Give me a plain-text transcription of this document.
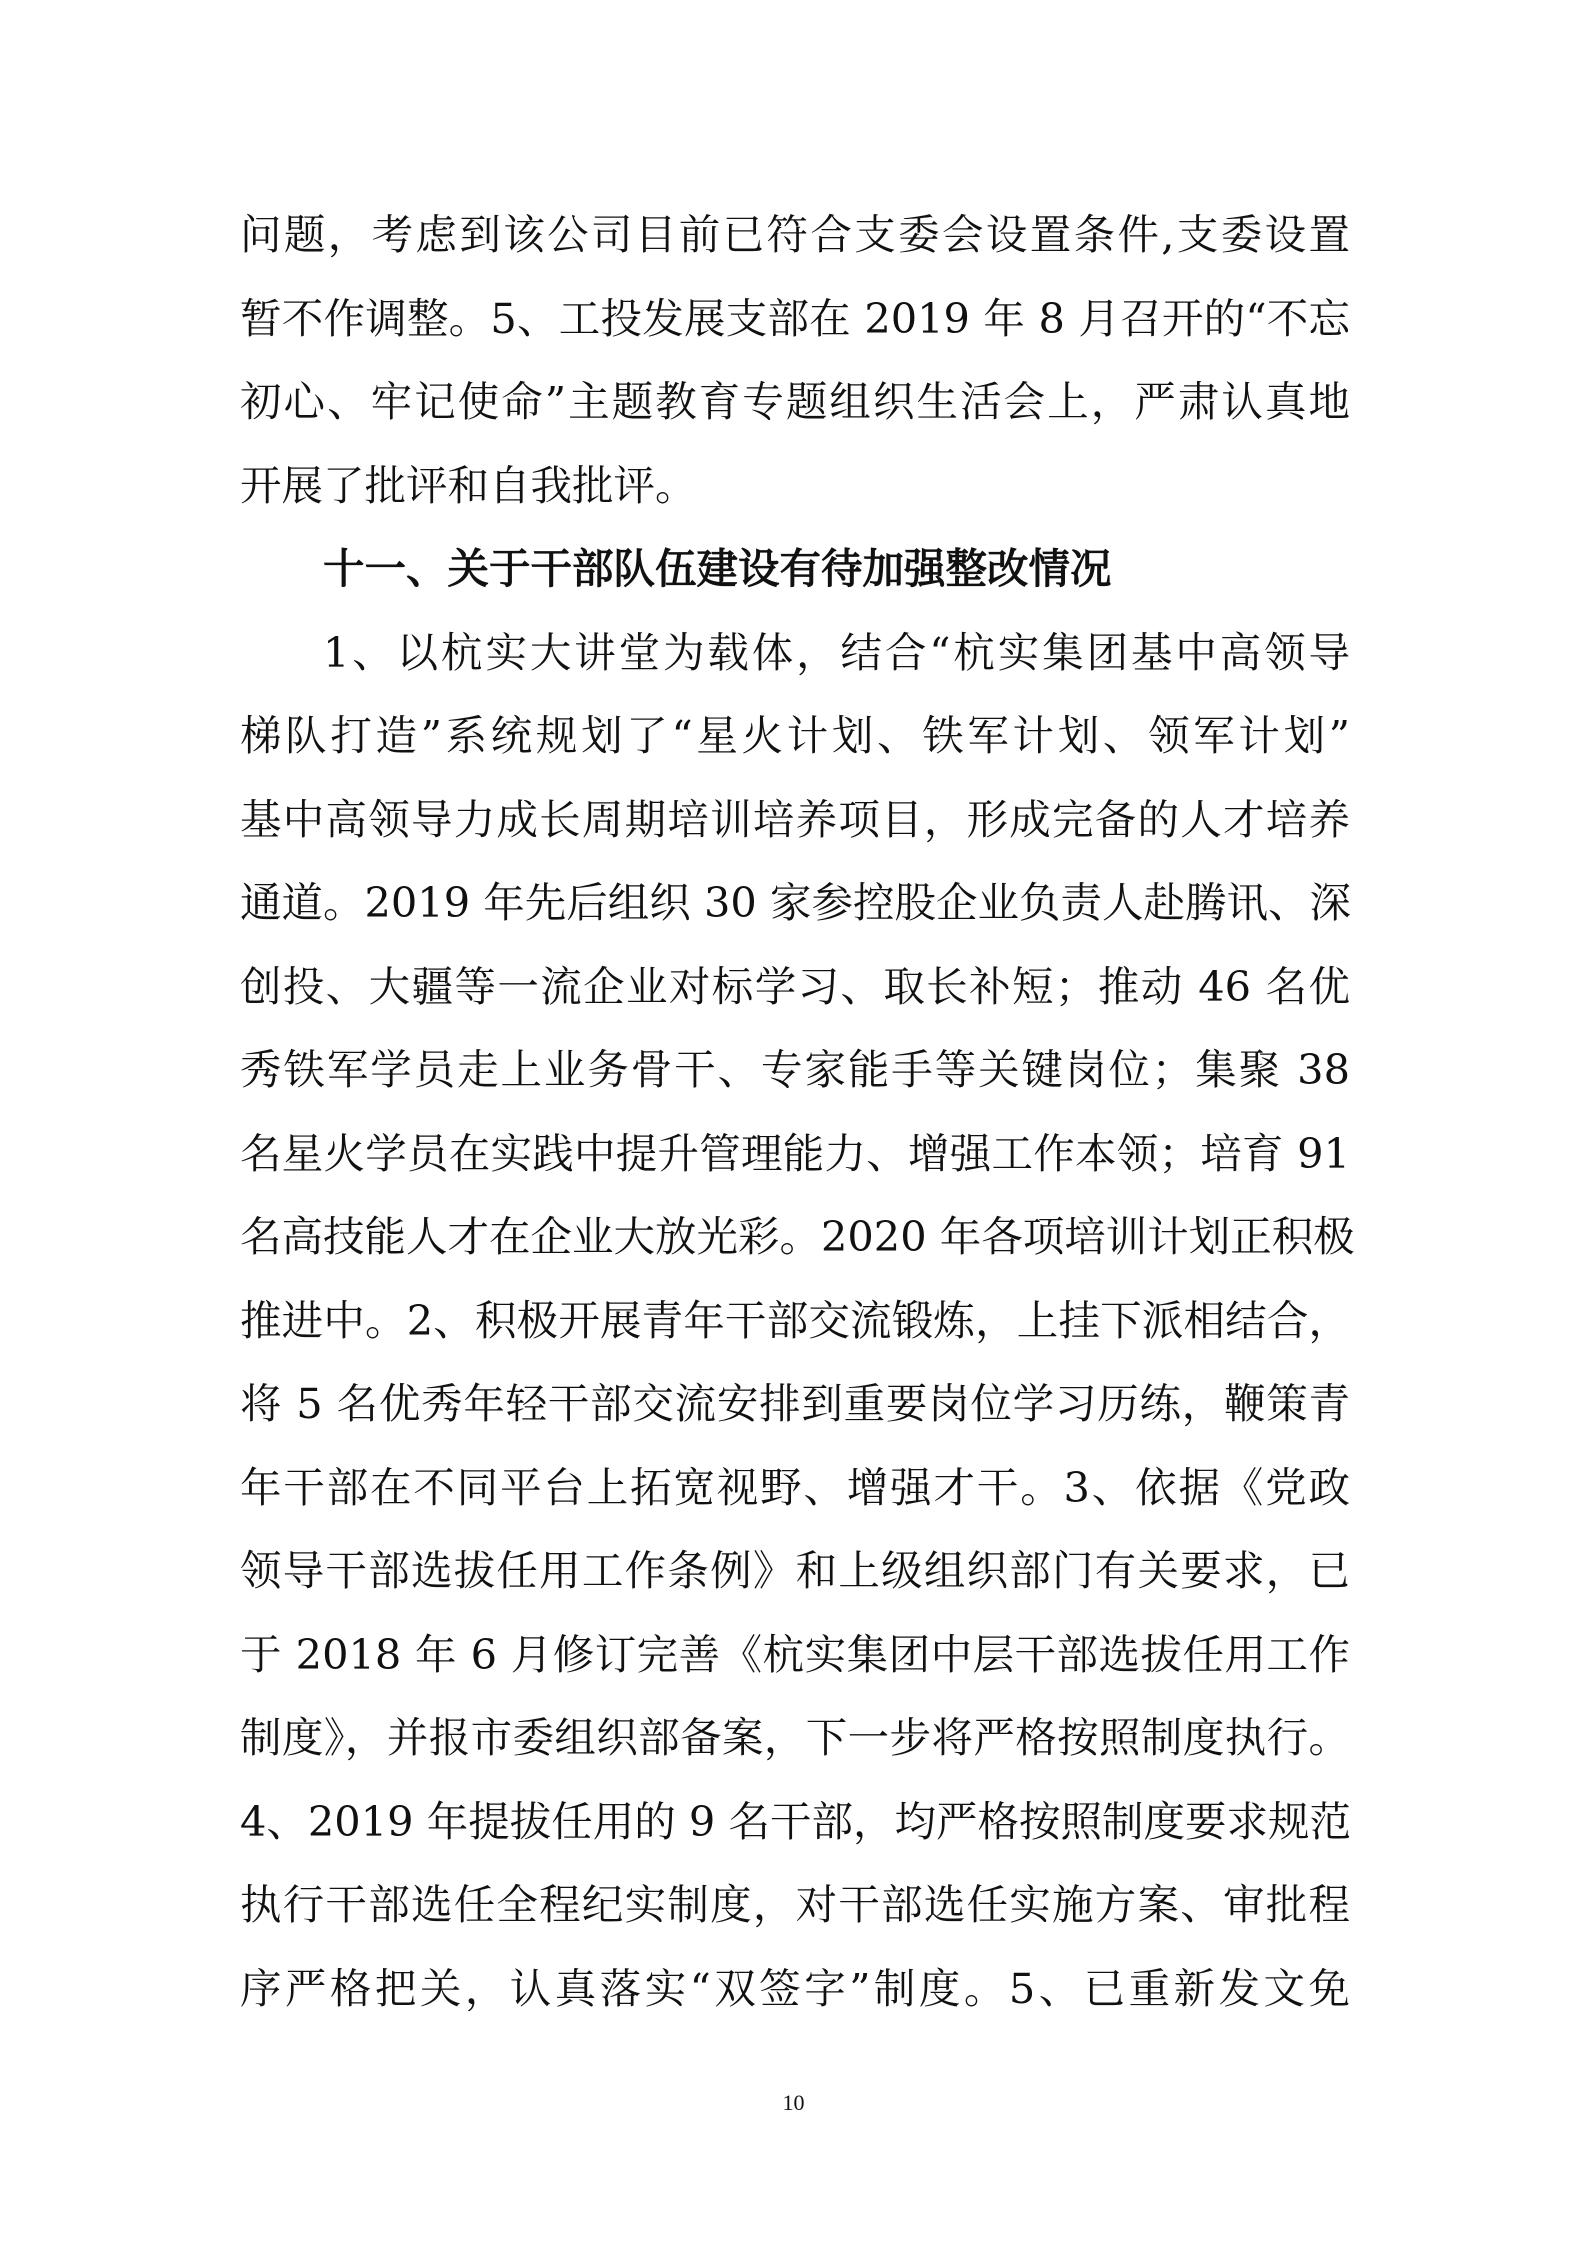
问题，考虑到该公司目前已符合支委会设置条件,支委设置
暂不作调整。5、工投发展支部在 2019 年 8 月召开的“不忘
初心、牢记使命”主题教育专题组织生活会上，严肃认真地
开展了批评和自我批评。
十一、关于干部队伍建设有待加强整改情况
1、以杭实大讲堂为载体，结合“杭实集团基中高领导
梯队打造”系统规划了“星火计划、铁军计划、领军计划”
基中高领导力成长周期培训培养项目，形成完备的人才培养
通道。2019 年先后组织 30 家参控股企业负责人赴腾讯、深
创投、大疆等一流企业对标学习、取长补短；推动 46 名优
秀铁军学员走上业务骨干、专家能手等关键岗位；集聚 38
名星火学员在实践中提升管理能力、增强工作本领；培育 91
名高技能人才在企业大放光彩。2020 年各项培训计划正积极
推进中。2、积极开展青年干部交流锻炼，上挂下派相结合，
将 5 名优秀年轻干部交流安排到重要岗位学习历练，鞭策青
年干部在不同平台上拓宽视野、增强才干。3、依据《党政
领导干部选拔任用工作条例》和上级组织部门有关要求，已
于 2018 年 6 月修订完善《杭实集团中层干部选拔任用工作
制度》，并报市委组织部备案，下一步将严格按照制度执行。
4、2019 年提拔任用的 9 名干部，均严格按照制度要求规范
执行干部选任全程纪实制度，对干部选任实施方案、审批程
序严格把关，认真落实“双签字”制度。5、已重新发文免
10
